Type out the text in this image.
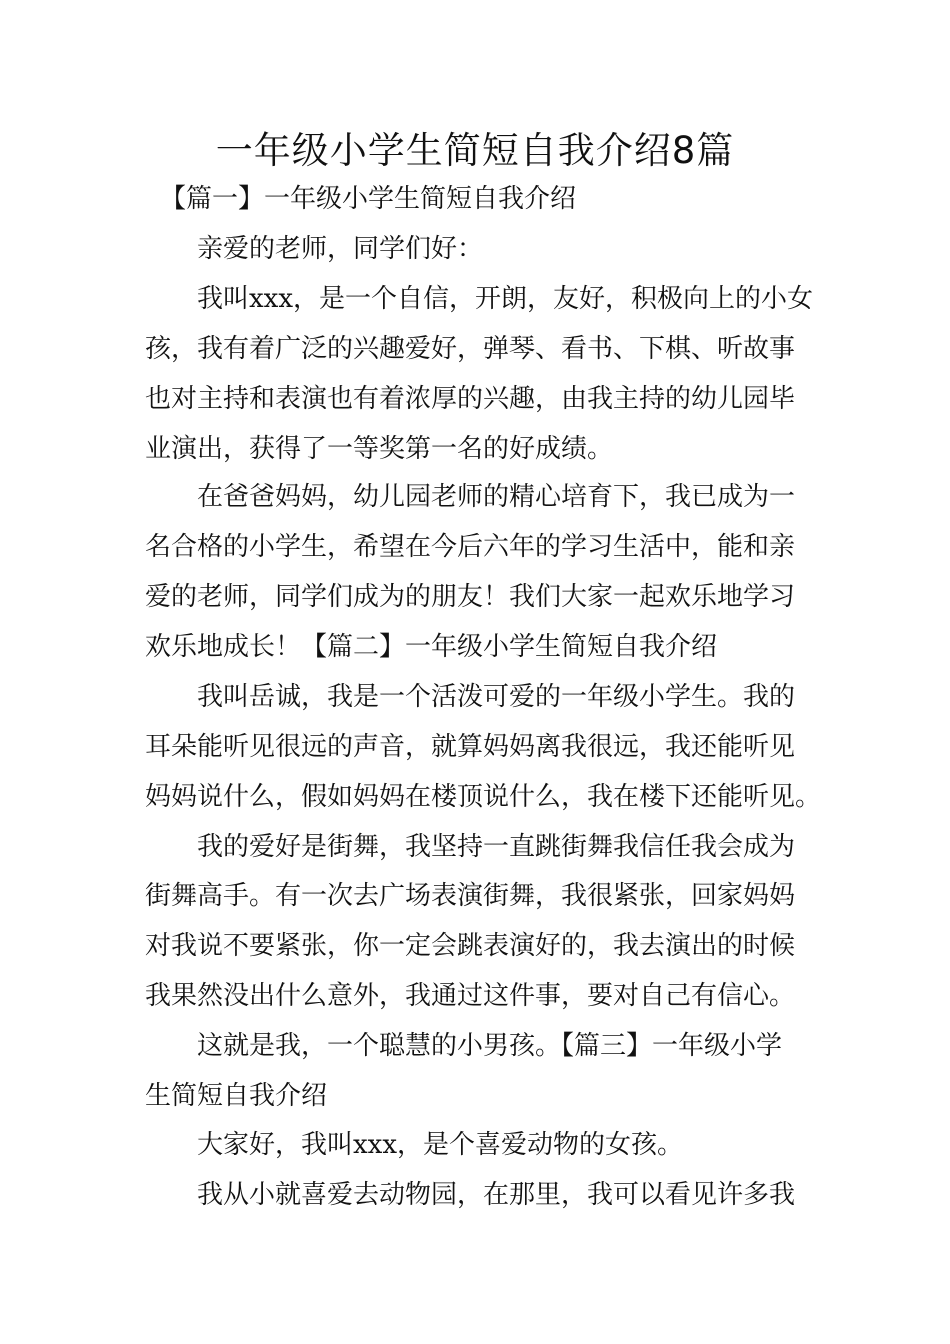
一年级小学生简短自我介绍8篇
【篇一】一年级小学生简短自我介绍
亲爱的老师，同学们好：
我叫xxx，是一个自信，开朗，友好，积极向上的小女
孩，我有着广泛的兴趣爱好，弹琴、看书、下棋、听故事
也对主持和表演也有着浓厚的兴趣，由我主持的幼儿园毕
业演出，获得了一等奖第一名的好成绩。
在爸爸妈妈，幼儿园老师的精心培育下，我已成为一
名合格的小学生，希望在今后六年的学习生活中，能和亲
爱的老师，同学们成为的朋友！我们大家一起欢乐地学习
欢乐地成长！【篇二】一年级小学生简短自我介绍
我叫岳诚，我是一个活泼可爱的一年级小学生。我的
耳朵能听见很远的声音，就算妈妈离我很远，我还能听见
妈妈说什么，假如妈妈在楼顶说什么，我在楼下还能听见。
我的爱好是街舞，我坚持一直跳街舞我信任我会成为
街舞高手。有一次去广场表演街舞，我很紧张，回家妈妈
对我说不要紧张，你一定会跳表演好的，我去演出的时候
我果然没出什么意外，我通过这件事，要对自己有信心。
这就是我，一个聪慧的小男孩。【篇三】一年级小学
生简短自我介绍
大家好，我叫xxx，是个喜爱动物的女孩。
我从小就喜爱去动物园，在那里，我可以看见许多我
